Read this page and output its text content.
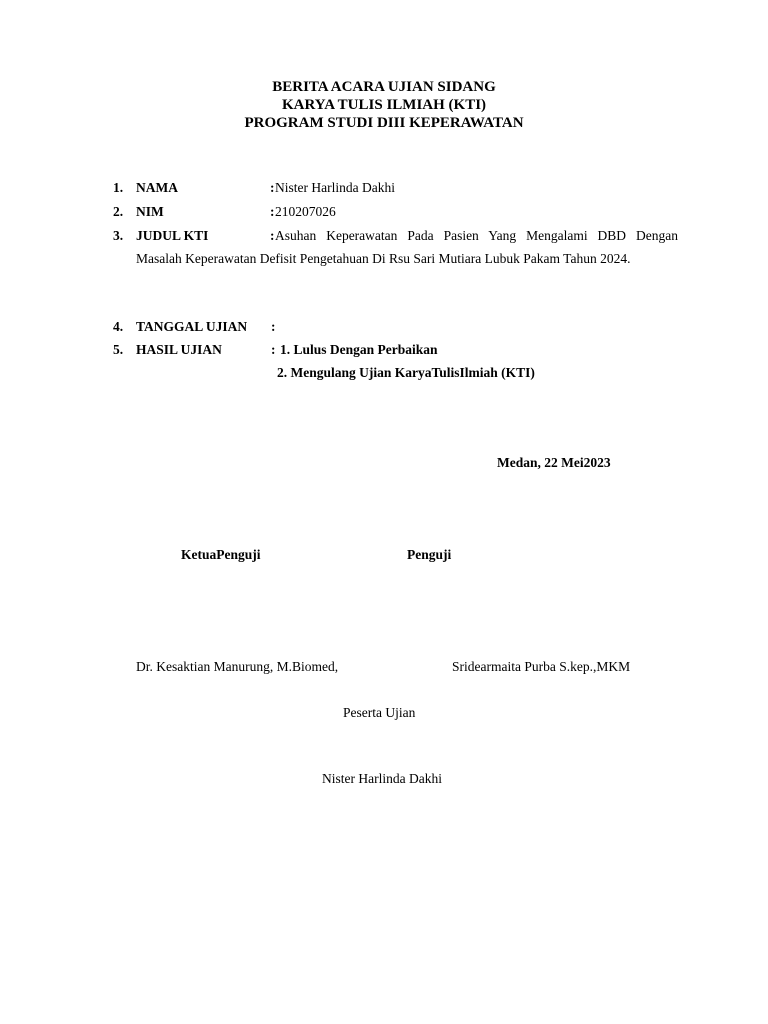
BERITA ACARA UJIAN SIDANG
KARYA TULIS ILMIAH (KTI)
PROGRAM STUDI DIII KEPERAWATAN
1. NAMA	: Nister Harlinda Dakhi
2. NIM	: 210207026
3. JUDUL KTI	: Asuhan Keperawatan Pada Pasien Yang Mengalami DBD Dengan
Masalah Keperawatan Defisit Pengetahuan Di Rsu Sari Mutiara Lubuk Pakam Tahun 2024.
4. TANGGAL UJIAN :
5. HASIL UJIAN	: 1. Lulus Dengan Perbaikan
2. Mengulang Ujian KaryaTulisIlmiah (KTI)
Medan, 22 Mei2023
KetuaPenguji	Penguji
Dr. Kesaktian Manurung, M.Biomed,	Sridearmaita Purba S.kep.,MKM
Peserta Ujian
Nister Harlinda Dakhi
